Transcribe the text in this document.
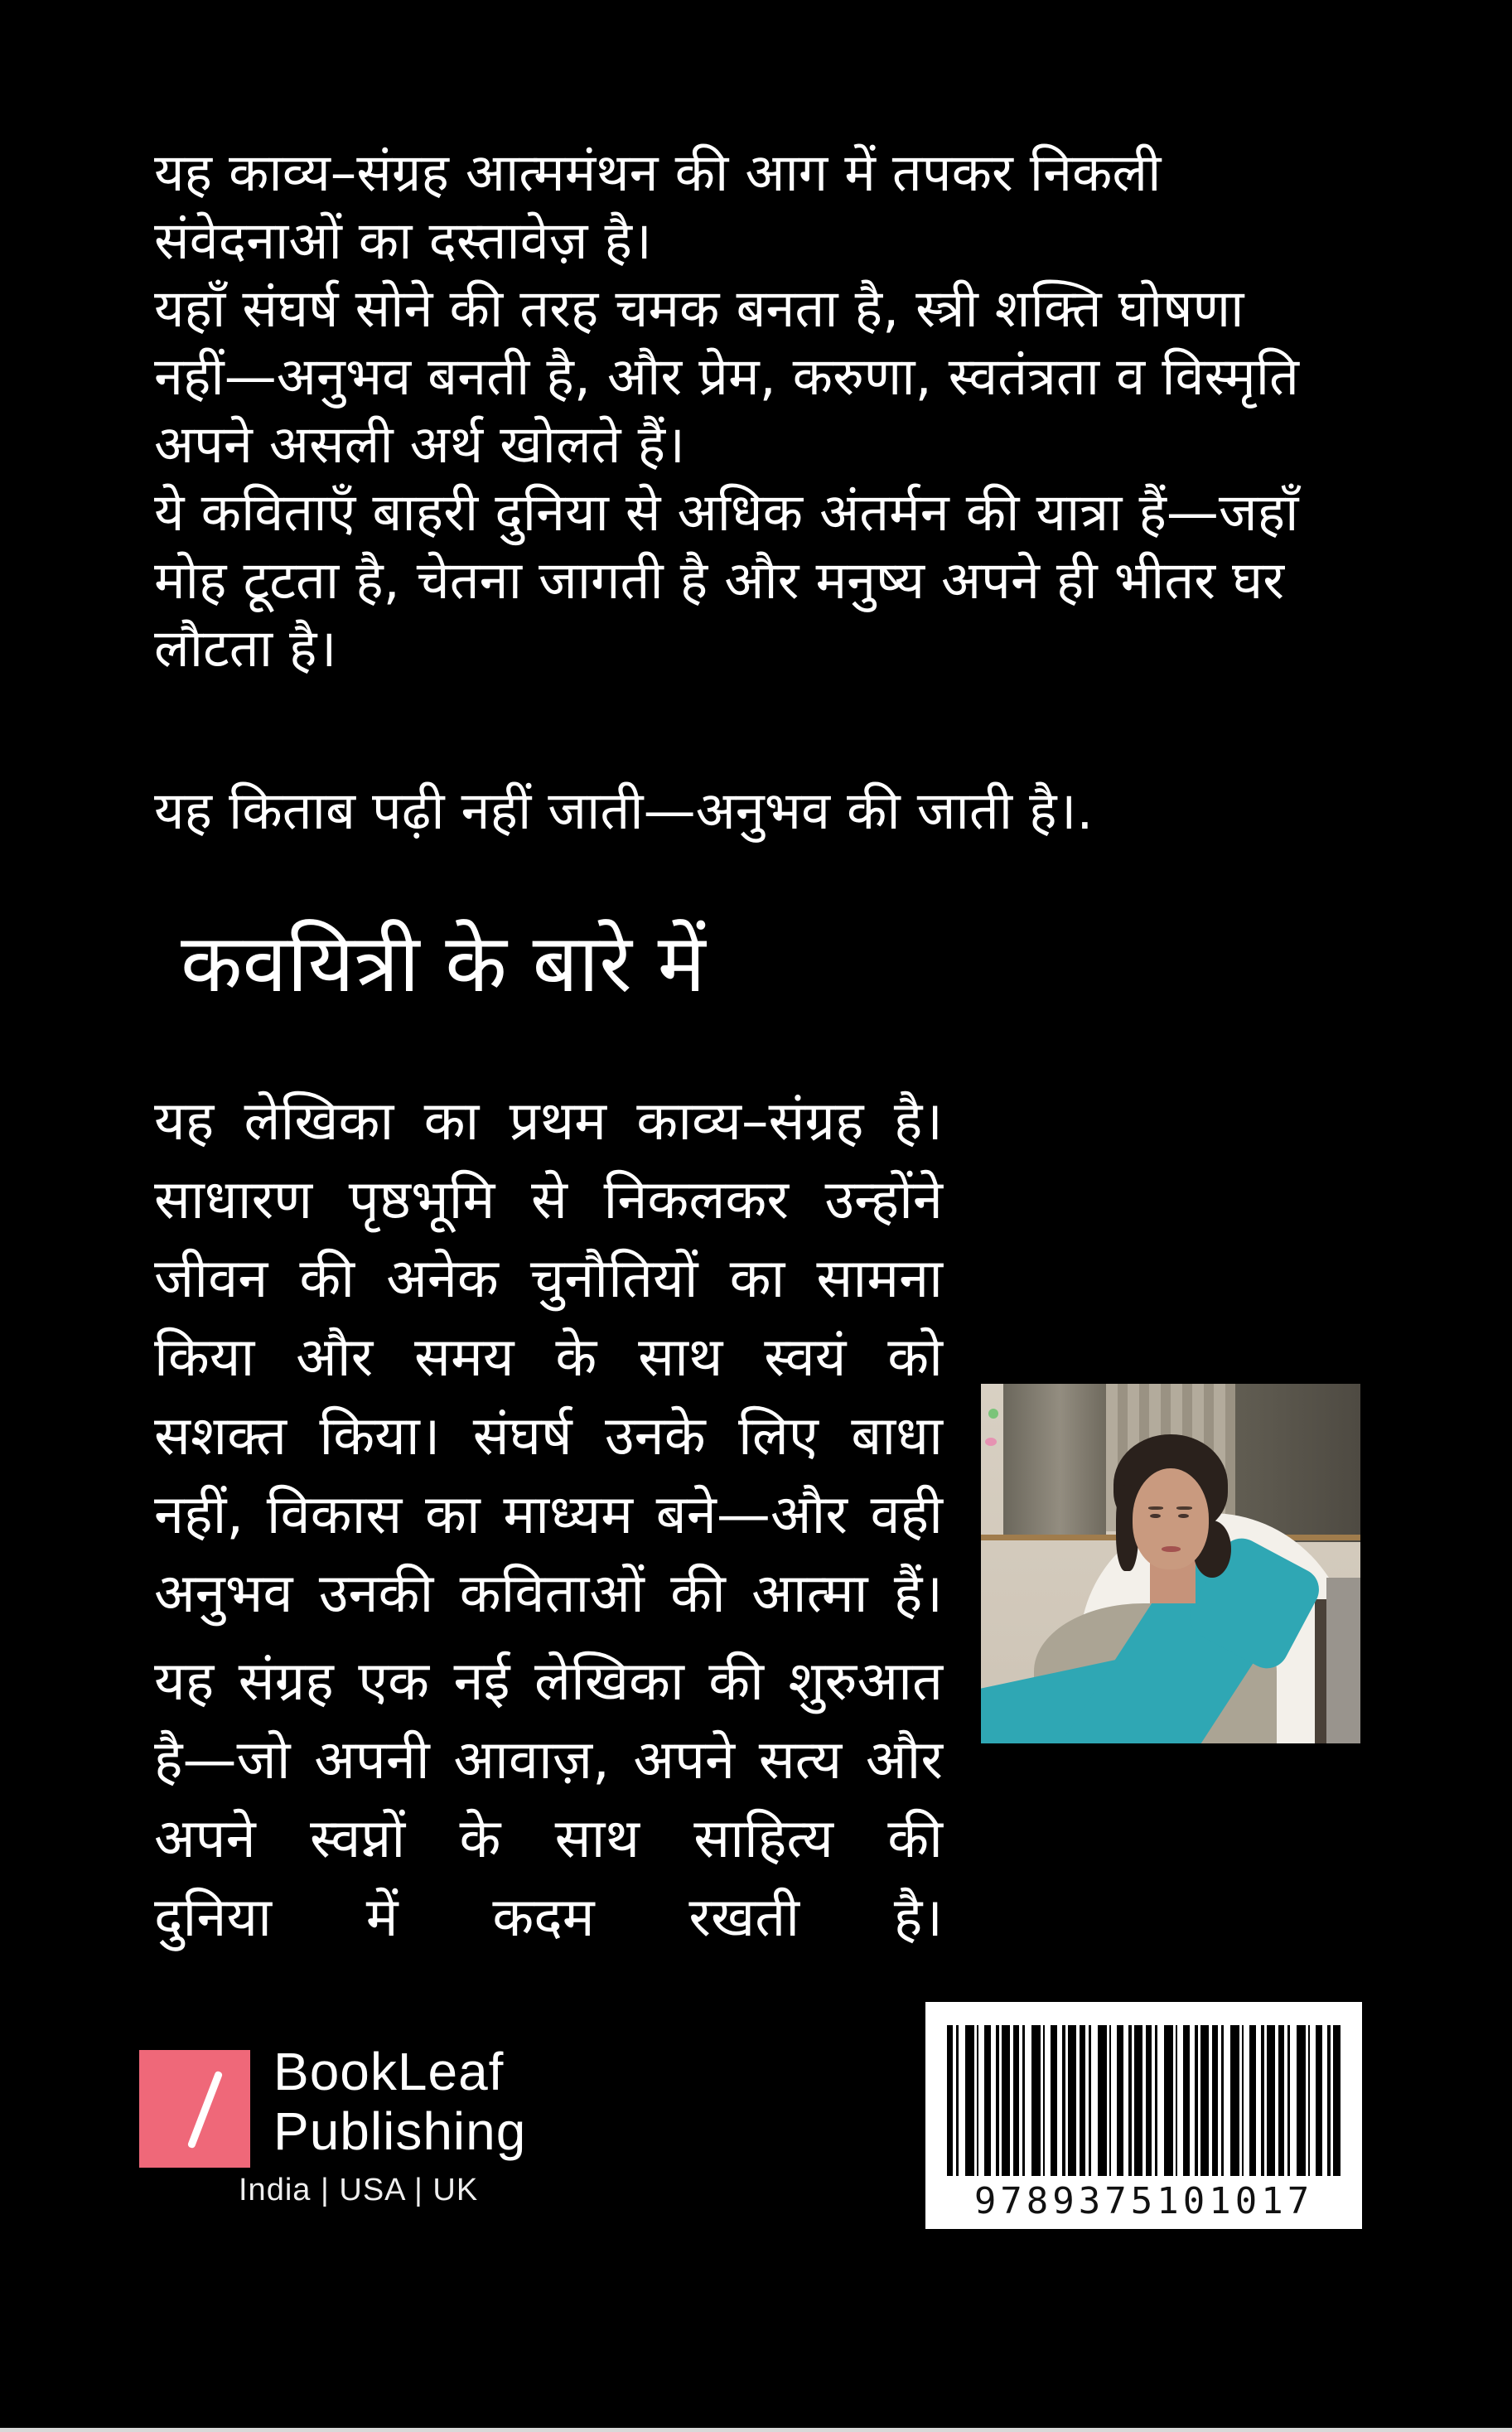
यह काव्य–संग्रह आत्ममंथन की आग में तपकर निकली
संवेदनाओं का दस्तावेज़ है।
यहाँ संघर्ष सोने की तरह चमक बनता है, स्त्री शक्ति घोषणा
नहीं—अनुभव बनती है, और प्रेम, करुणा, स्वतंत्रता व विस्मृति
अपने असली अर्थ खोलते हैं।
ये कविताएँ बाहरी दुनिया से अधिक अंतर्मन की यात्रा हैं—जहाँ
मोह टूटता है, चेतना जागती है और मनुष्य अपने ही भीतर घर
लौटता है।
यह किताब पढ़ी नहीं जाती—अनुभव की जाती है।.
कवयित्री के बारे में
यह लेखिका का प्रथम काव्य–संग्रह है।
साधारण पृष्ठभूमि से निकलकर उन्होंने
जीवन की अनेक चुनौतियों का सामना
किया और समय के साथ स्वयं को
सशक्त किया। संघर्ष उनके लिए बाधा
नहीं, विकास का माध्यम बने—और वही
अनुभव उनकी कविताओं की आत्मा हैं।
यह संग्रह एक नई लेखिका की शुरुआत
है—जो अपनी आवाज़, अपने सत्य और
अपने स्वप्नों के साथ साहित्य की
दुनिया में कदम रखती है।
BookLeaf
Publishing
India | USA | UK	9789375101017
